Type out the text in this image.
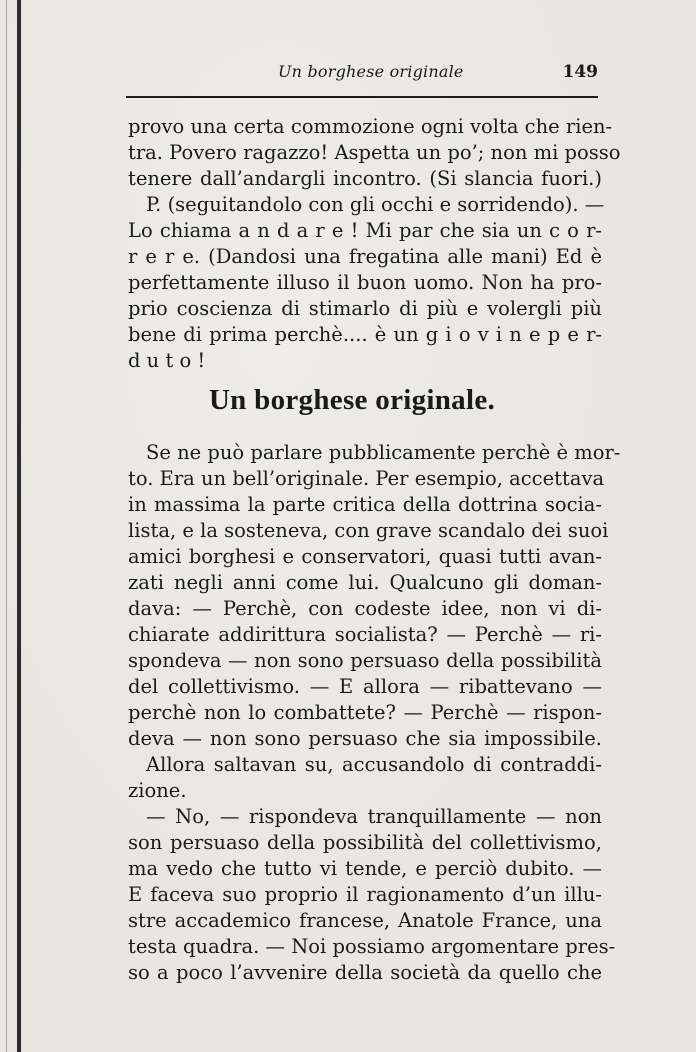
Un borghese originale	149
provo una certa commozione ogni volta che rien-
tra. Povero ragazzo! Aspetta un po’; non mi posso
tenere dall’andargli incontro. (Si slancia fuori.)
P. (seguitandolo con gli occhi e sorridendo). —
Lo chiama a n d a r e ! Mi par che sia un c o r-
r e r e. (Dandosi una fregatina alle mani) Ed è
perfettamente illuso il buon uomo. Non ha pro-
prio coscienza di stimarlo di più e volergli più
bene di prima perchè.... è un g i o v i n e p e r-
d u t o !
Un borghese originale.
Se ne può parlare pubblicamente perchè è mor-
to. Era un bell’originale. Per esempio, accettava
in massima la parte critica della dottrina socia-
lista, e la sosteneva, con grave scandalo dei suoi
amici borghesi e conservatori, quasi tutti avan-
zati negli anni come lui. Qualcuno gli doman-
dava: — Perchè, con codeste idee, non vi di-
chiarate addirittura socialista? — Perchè — ri-
spondeva — non sono persuaso della possibilità
del collettivismo. — E allora — ribattevano —
perchè non lo combattete? — Perchè — rispon-
deva — non sono persuaso che sia impossibile.
Allora saltavan su, accusandolo di contraddi-
zione.
— No, — rispondeva tranquillamente — non
son persuaso della possibilità del collettivismo,
ma vedo che tutto vi tende, e perciò dubito. —
E faceva suo proprio il ragionamento d’un illu-
stre accademico francese, Anatole France, una
testa quadra. — Noi possiamo argomentare pres-
so a poco l’avvenire della società da quello che
